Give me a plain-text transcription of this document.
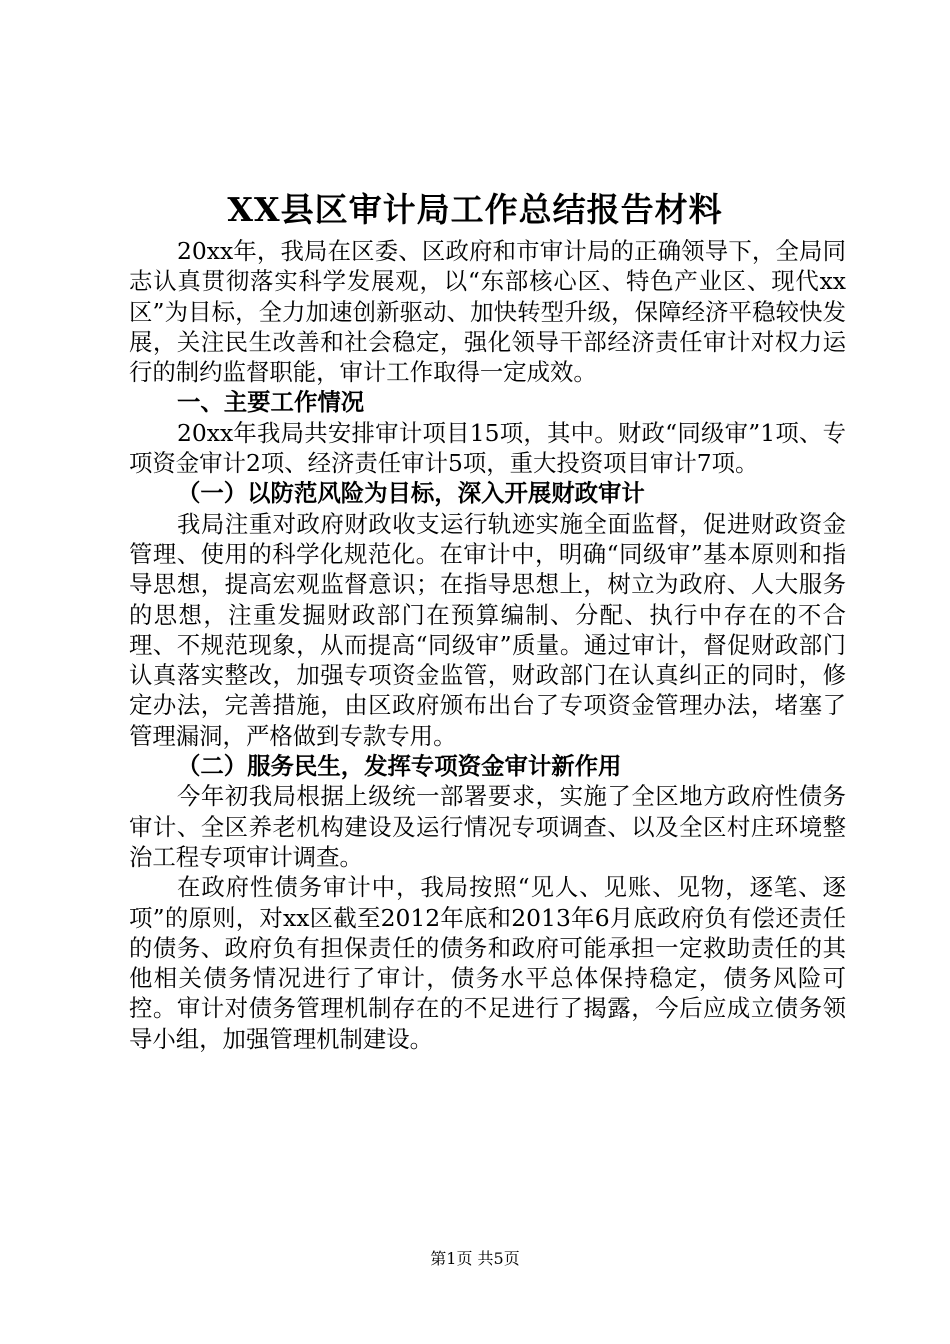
XX县区审计局工作总结报告材料

20xx年，我局在区委、区政府和市审计局的正确领导下，全局同志认真贯彻落实科学发展观，以“东部核心区、特色产业区、现代xx区”为目标，全力加速创新驱动、加快转型升级，保障经济平稳较快发展，关注民生改善和社会稳定，强化领导干部经济责任审计对权力运行的制约监督职能，审计工作取得一定成效。

一、主要工作情况

20xx年我局共安排审计项目15项，其中。财政“同级审”1项、专项资金审计2项、经济责任审计5项，重大投资项目审计7项。

（一）以防范风险为目标，深入开展财政审计

我局注重对政府财政收支运行轨迹实施全面监督，促进财政资金管理、使用的科学化规范化。在审计中，明确“同级审”基本原则和指导思想，提高宏观监督意识；在指导思想上，树立为政府、人大服务的思想，注重发掘财政部门在预算编制、分配、执行中存在的不合理、不规范现象，从而提高“同级审”质量。通过审计，督促财政部门认真落实整改，加强专项资金监管，财政部门在认真纠正的同时，修定办法，完善措施，由区政府颁布出台了专项资金管理办法，堵塞了管理漏洞，严格做到专款专用。

（二）服务民生，发挥专项资金审计新作用

今年初我局根据上级统一部署要求，实施了全区地方政府性债务审计、全区养老机构建设及运行情况专项调查、以及全区村庄环境整治工程专项审计调查。

在政府性债务审计中，我局按照“见人、见账、见物，逐笔、逐项”的原则，对xx区截至2012年底和2013年6月底政府负有偿还责任的债务、政府负有担保责任的债务和政府可能承担一定救助责任的其他相关债务情况进行了审计，债务水平总体保持稳定，债务风险可控。审计对债务管理机制存在的不足进行了揭露，今后应成立债务领导小组，加强管理机制建设。

第1页 共5页
